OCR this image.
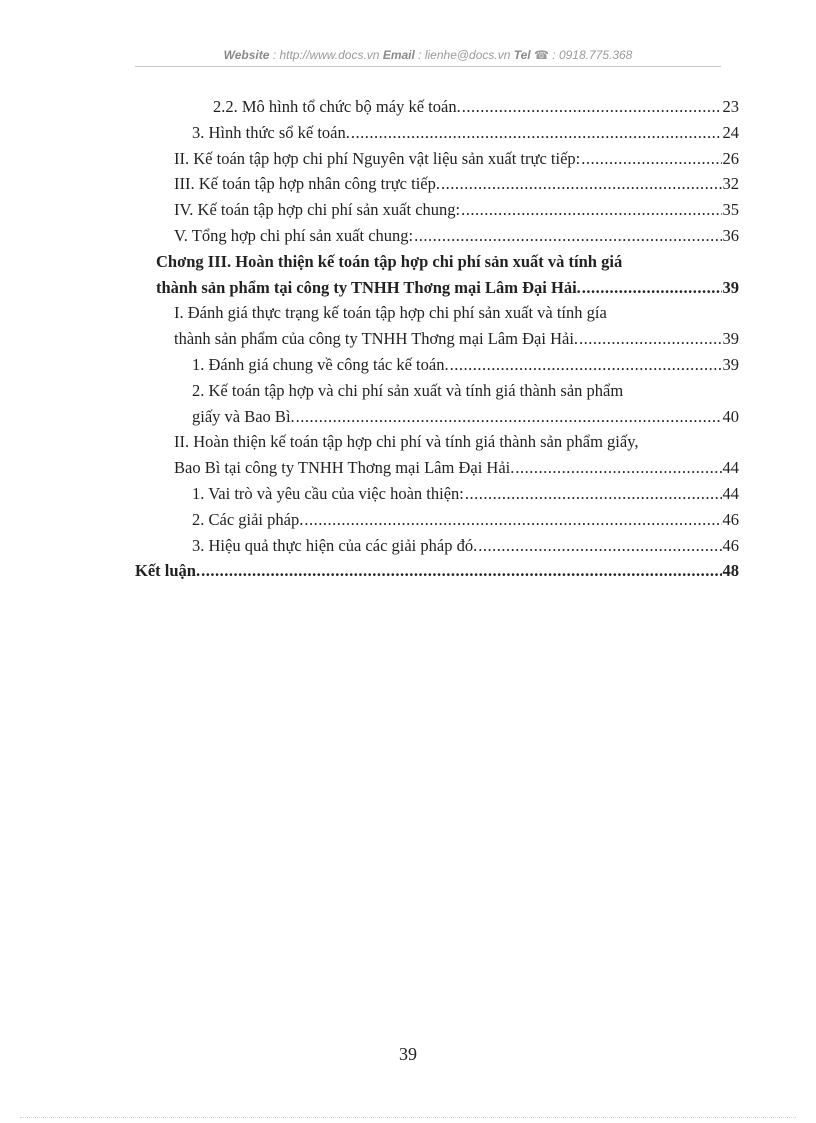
Website : http://www.docs.vn Email : lienhe@docs.vn Tel ☎ : 0918.775.368
2.2. Mô hình tổ chức bộ máy kế toán. .....	23
3. Hình thức sổ kế toán. .....	24
II. Kế toán tập hợp chi phí Nguyên vật liệu sản xuất trực tiếp: .....	26
III. Kế toán tập hợp nhân công trực tiếp. .....	32
IV. Kế toán tập hợp chi phí sản xuất chung: .....	35
V. Tổng hợp chi phí sản xuất chung: .....	36
Chơng III. Hoàn thiện kế toán tập hợp chi phí sản xuất và tính giá
thành sản phẩm tại công ty TNHH Thơng mại Lâm Đại Hải. .....	39
I. Đánh giá thực trạng kế toán tập hợp chi phí sản xuất và tính gía
thành sản phẩm của công ty TNHH Thơng mại Lâm Đại Hải. .....	39
1. Đánh giá chung về công tác kế toán. .....	39
2. Kế toán tập hợp và chi phí sản xuất và tính giá thành sản phẩm
giấy và Bao Bì. .....	40
II. Hoàn thiện kế toán tập hợp chi phí và tính giá thành sản phẩm giấy,
Bao Bì tại công ty TNHH Thơng mại Lâm Đại Hải. .....	44
1. Vai trò và yêu cầu của việc hoàn thiện: .....	44
2. Các giải pháp. .....	46
3. Hiệu quả thực hiện của các giải pháp đó. .....	46
Kết luận. .....	48
39
